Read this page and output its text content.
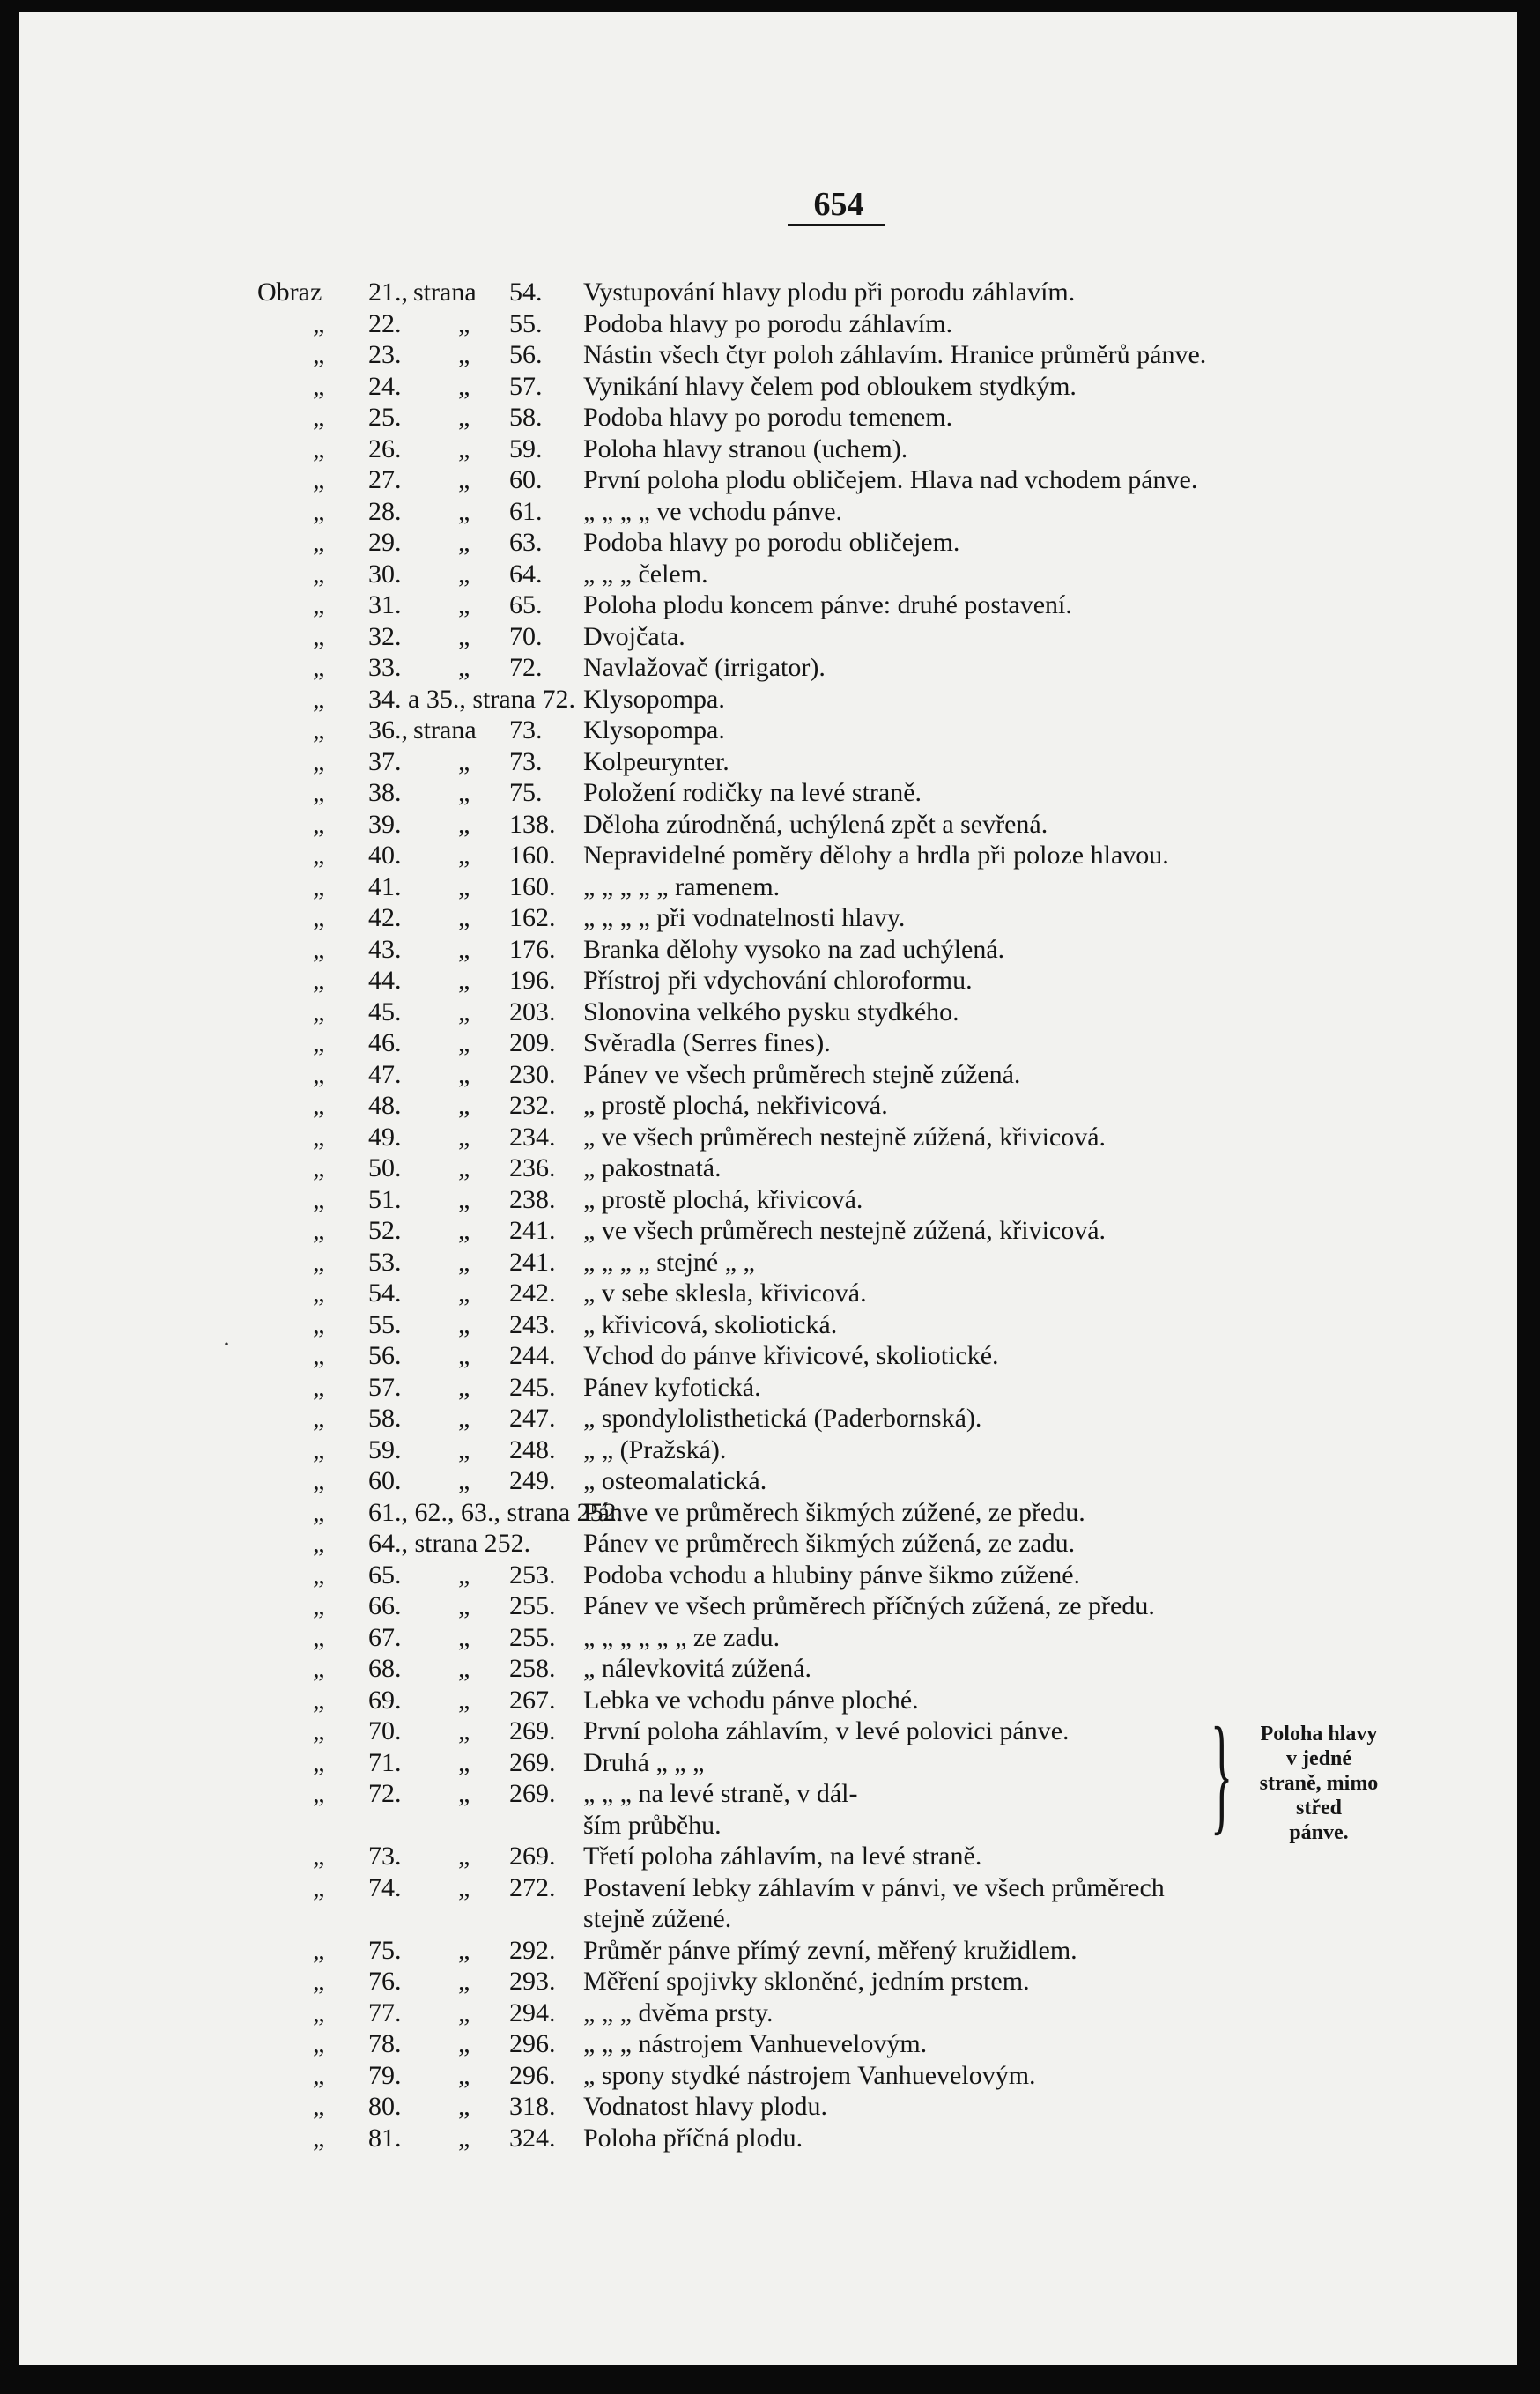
654
Obraz 21., strana 54. Vystupování hlavy plodu při porodu záhlavím.
„ 22. „ 55. Podoba hlavy po porodu záhlavím.
„ 23. „ 56. Nástin všech čtyr poloh záhlavím. Hranice průměrů pánve.
„ 24. „ 57. Vynikání hlavy čelem pod obloukem stydkým.
„ 25. „ 58. Podoba hlavy po porodu temenem.
„ 26. „ 59. Poloha hlavy stranou (uchem).
„ 27. „ 60. První poloha plodu obličejem. Hlava nad vchodem pánve.
„ 28. „ 61. „ „ „ „ ve vchodu pánve.
„ 29. „ 63. Podoba hlavy po porodu obličejem.
„ 30. „ 64. „ „ „ čelem.
„ 31. „ 65. Poloha plodu koncem pánve: druhé postavení.
„ 32. „ 70. Dvojčata.
„ 33. „ 72. Navlažovač (irrigator).
„ 34. a 35., strana 72. Klysopompa.
„ 36., strana 73. Klysopompa.
„ 37. „ 73. Kolpeurynter.
„ 38. „ 75. Položení rodičky na levé straně.
„ 39. „ 138. Děloha zúrodněná, uchýlená zpět a sevřená.
„ 40. „ 160. Nepravidelné poměry dělohy a hrdla při poloze hlavou.
„ 41. „ 160. „ „ „ „ „ ramenem.
„ 42. „ 162. „ „ „ „ při vodnatelnosti hlavy.
„ 43. „ 176. Branka dělohy vysoko na zad uchýlená.
„ 44. „ 196. Přístroj při vdychování chloroformu.
„ 45. „ 203. Slonovina velkého pysku stydkého.
„ 46. „ 209. Svěradla (Serres fines).
„ 47. „ 230. Pánev ve všech průměrech stejně zúžená.
„ 48. „ 232. „ prostě plochá, nekřivicová.
„ 49. „ 234. „ ve všech průměrech nestejně zúžená, křivicová.
„ 50. „ 236. „ pakostnatá.
„ 51. „ 238. „ prostě plochá, křivicová.
„ 52. „ 241. „ ve všech průměrech nestejně zúžená, křivicová.
„ 53. „ 241. „ „ „ „ stejné „ „
„ 54. „ 242. „ v sebe sklesla, křivicová.
„ 55. „ 243. „ křivicová, skoliotická.
„ 56. „ 244. Vchod do pánve křivicové, skoliotické.
„ 57. „ 245. Pánev kyfotická.
„ 58. „ 247. „ spondylolisthetická (Paderbornská).
„ 59. „ 248. „ „ (Pražská).
„ 60. „ 249. „ osteomalatická.
„ 61., 62., 63., strana 252.
Pánve ve průměrech šikmých zúžené, ze předu.
„ 64., strana 252. Pánev ve průměrech šikmých zúžená, ze zadu.
„ 65. „ 253. Podoba vchodu a hlubiny pánve šikmo zúžené.
„ 66. „ 255. Pánev ve všech průměrech příčných zúžená, ze předu.
„ 67. „ 255. „ „ „ „ „ „ ze zadu.
„ 68. „ 258. „ nálevkovitá zúžená.
„ 69. „ 267. Lebka ve vchodu pánve ploché.
„ 70. „ 269. První poloha záhlavím, v levé polovici pánve.
„ 71. „ 269. Druhá „ „ „
„ 72. „ 269. „ „ „ na levé straně, v dál-
ším průběhu.
„ 73. „ 269. Třetí poloha záhlavím, na levé straně.
„ 74. „ 272. Postavení lebky záhlavím v pánvi, ve všech průměrech
stejně zúžené.
„ 75. „ 292. Průměr pánve přímý zevní, měřený kružidlem.
„ 76. „ 293. Měření spojivky skloněné, jedním prstem.
„ 77. „ 294. „ „ „ dvěma prsty.
„ 78. „ 296. „ „ „ nástrojem Vanhuevelovým.
„ 79. „ 296. „ spony stydké nástrojem Vanhuevelovým.
„ 80. „ 318. Vodnatost hlavy plodu.
„ 81. „ 324. Poloha příčná plodu.
}	Poloha hlavy
v jedné
straně, mimo
střed
pánve.
·
